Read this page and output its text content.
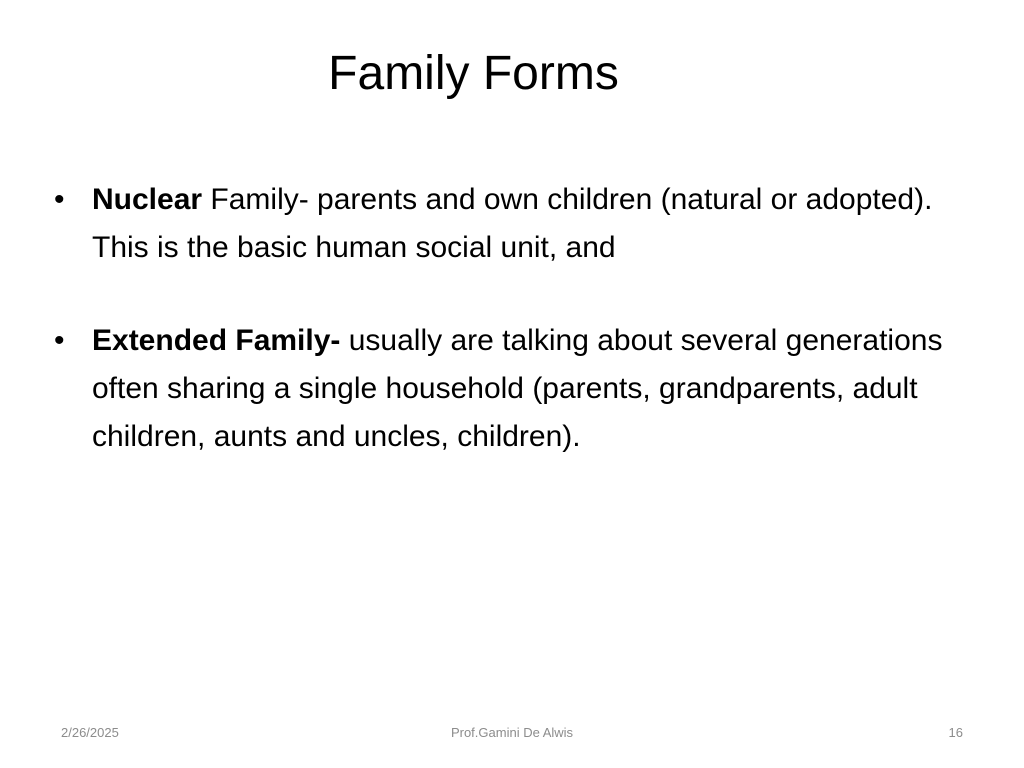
Family Forms
• Nuclear Family- parents and own children (natural or adopted). This is the basic human social unit, and
• Extended Family- usually are talking about several generations often sharing a single household (parents, grandparents, adult children, aunts and uncles, children).
2/26/2025	Prof.Gamini De Alwis	16
